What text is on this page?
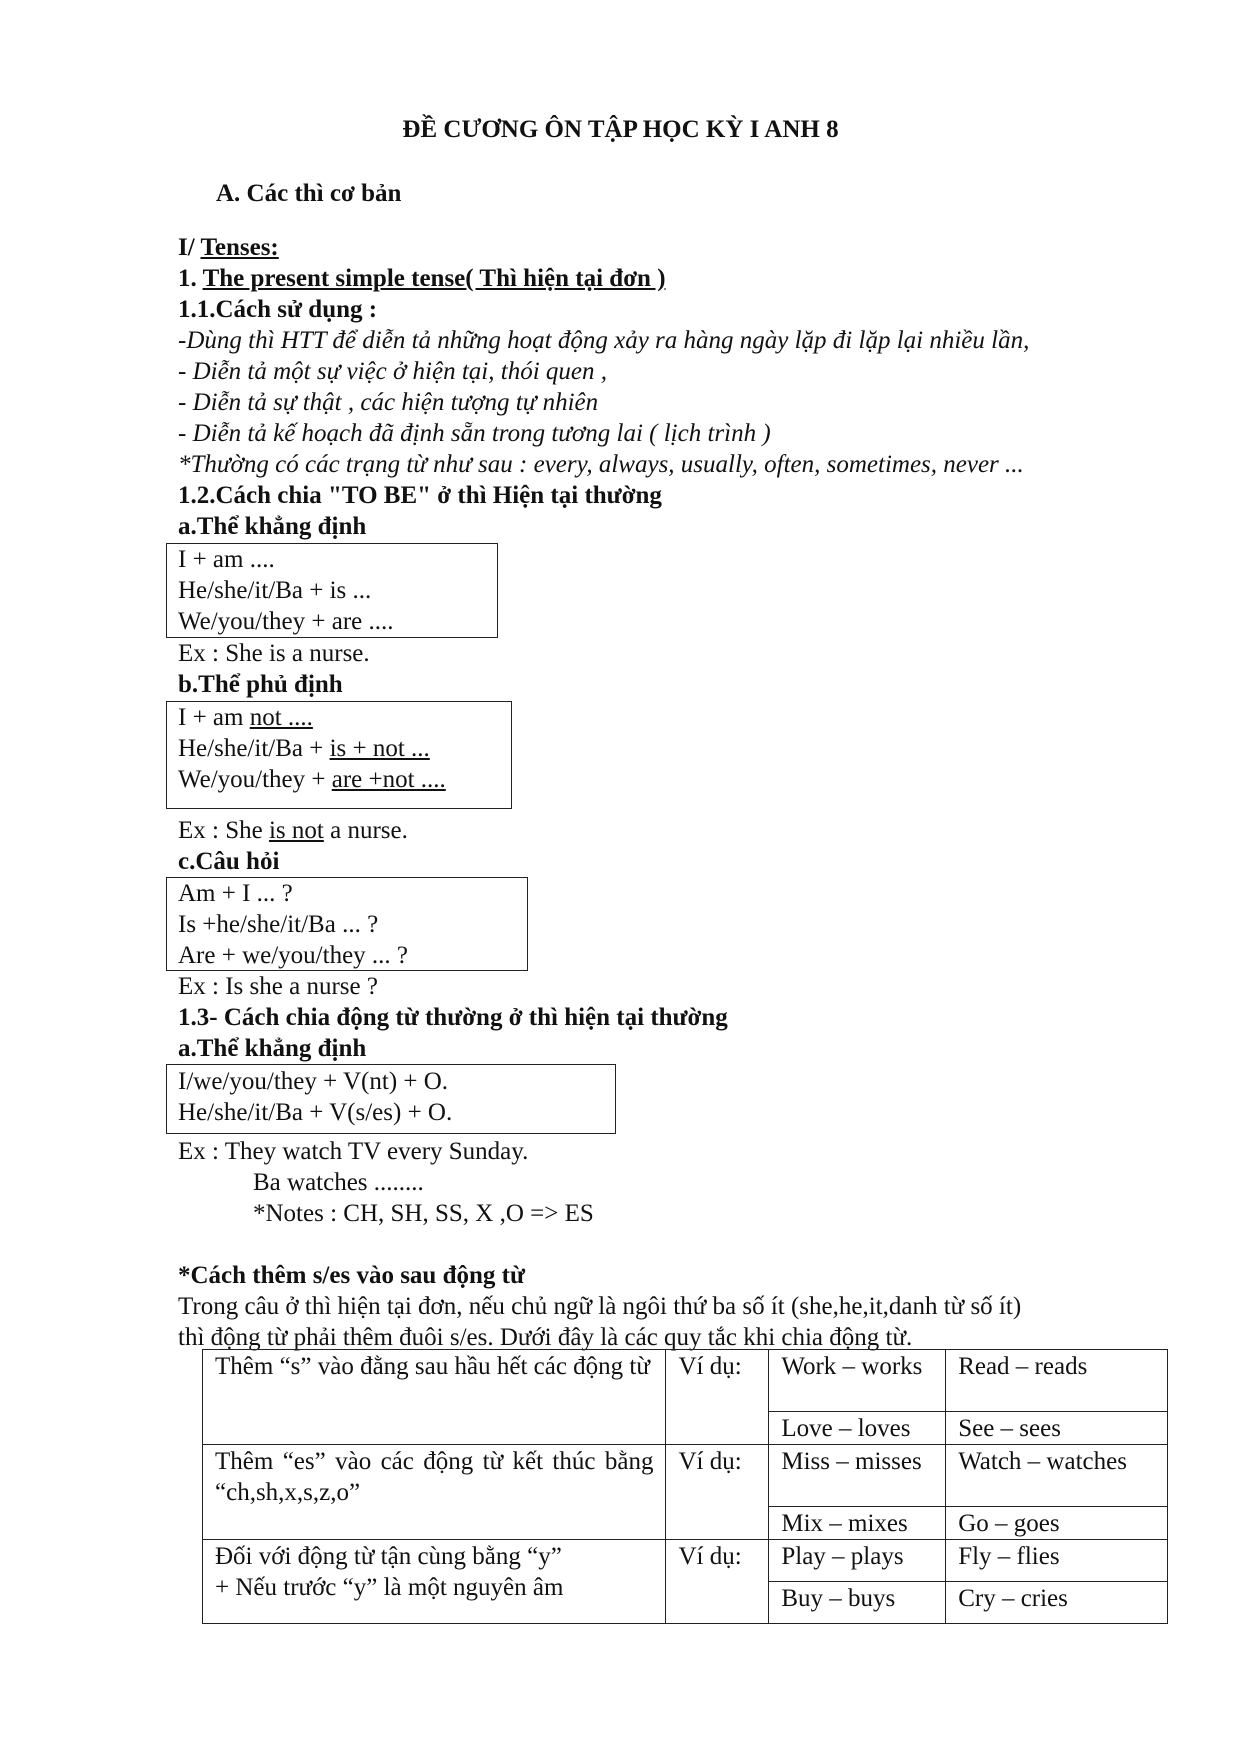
ĐỀ CƯƠNG ÔN TẬP HỌC KỲ I ANH 8
A. Các thì cơ bản
I/ Tenses:
1. The present simple tense( Thì hiện tại đơn )
1.1.Cách sử dụng :
-Dùng thì HTT để diễn tả những hoạt động xảy ra hàng ngày lặp đi lặp lại nhiều lần,
- Diễn tả một sự việc ở hiện tại, thói quen ,
- Diễn tả sự thật , các hiện tượng tự nhiên
- Diễn tả kế hoạch đã định sẵn trong tương lai ( lịch trình )
*Thường có các trạng từ như sau : every, always, usually, often, sometimes, never ...
1.2.Cách chia "TO BE" ở thì Hiện tại thường
a.Thể khẳng định
I + am ....
He/she/it/Ba + is ...
We/you/they + are ....
Ex : She is a nurse.
b.Thể phủ định
I + am not ....
He/she/it/Ba + is + not ...
We/you/they + are +not ....
Ex : She is not a nurse.
c.Câu hỏi
Am + I ... ?
Is +he/she/it/Ba ... ?
Are + we/you/they ... ?
Ex : Is she a nurse ?
1.3- Cách chia động từ thường ở thì hiện tại thường
a.Thể khẳng định
I/we/you/they + V(nt) + O.
He/she/it/Ba + V(s/es) + O.
Ex : They watch TV every Sunday.
Ba watches ........
*Notes : CH, SH, SS, X ,O => ES
*Cách thêm s/es vào sau động từ
Trong câu ở thì hiện tại đơn, nếu chủ ngữ là ngôi thứ ba số ít (she,he,it,danh từ số ít)
thì động từ phải thêm đuôi s/es. Dưới đây là các quy tắc khi chia động từ.
Thêm “s” vào đằng sau hầu hết các động từ	Ví dụ:	Work – works	Read – reads
		Love – loves	See – sees
Thêm “es” vào các động từ kết thúc bằng “ch,sh,x,s,z,o”	Ví dụ:	Miss – misses	Watch – watches
		Mix – mixes	Go – goes
Đối với động từ tận cùng bằng “y”
+ Nếu trước “y” là một nguyên âm	Ví dụ:	Play – plays	Fly – flies
		Buy – buys	Cry – cries
